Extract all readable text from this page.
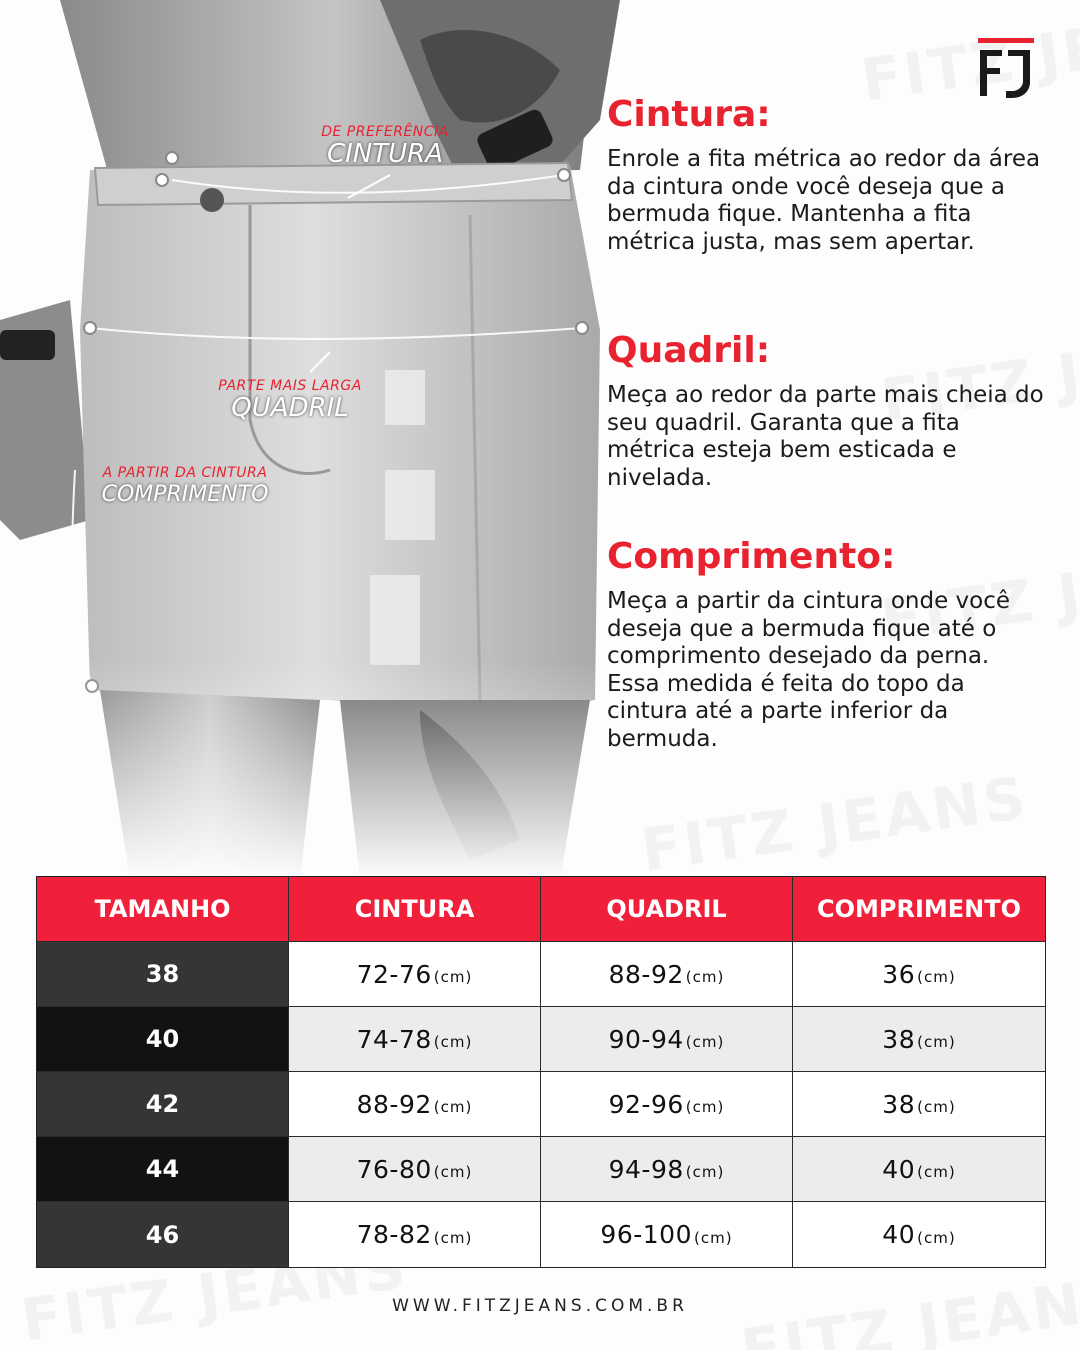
DE PREFERÊNCIA
CINTURA
PARTE MAIS LARGA
QUADRIL
A PARTIR DA CINTURA
COMPRIMENTO
Cintura:

Enrole a fita métrica ao redor da área da cintura onde você deseja que a bermuda fique. Mantenha a fita métrica justa, mas sem apertar.

Quadril:

Meça ao redor da parte mais cheia do seu quadril. Garanta que a fita métrica esteja bem esticada e nivelada.

Comprimento:

Meça a partir da cintura onde você deseja que a bermuda fique até o comprimento desejado da perna. Essa medida é feita do topo da cintura até a parte inferior da bermuda.

TAMANHO	CINTURA	QUADRIL	COMPRIMENTO
38	72-76 (cm)	88-92 (cm)	36 (cm)
40	74-78 (cm)	90-94 (cm)	38 (cm)
42	88-92 (cm)	92-96 (cm)	38 (cm)
44	76-80 (cm)	94-98 (cm)	40 (cm)
46	78-82 (cm)	96-100 (cm)	40 (cm)
WWW.FITZJEANS.COM.BR
